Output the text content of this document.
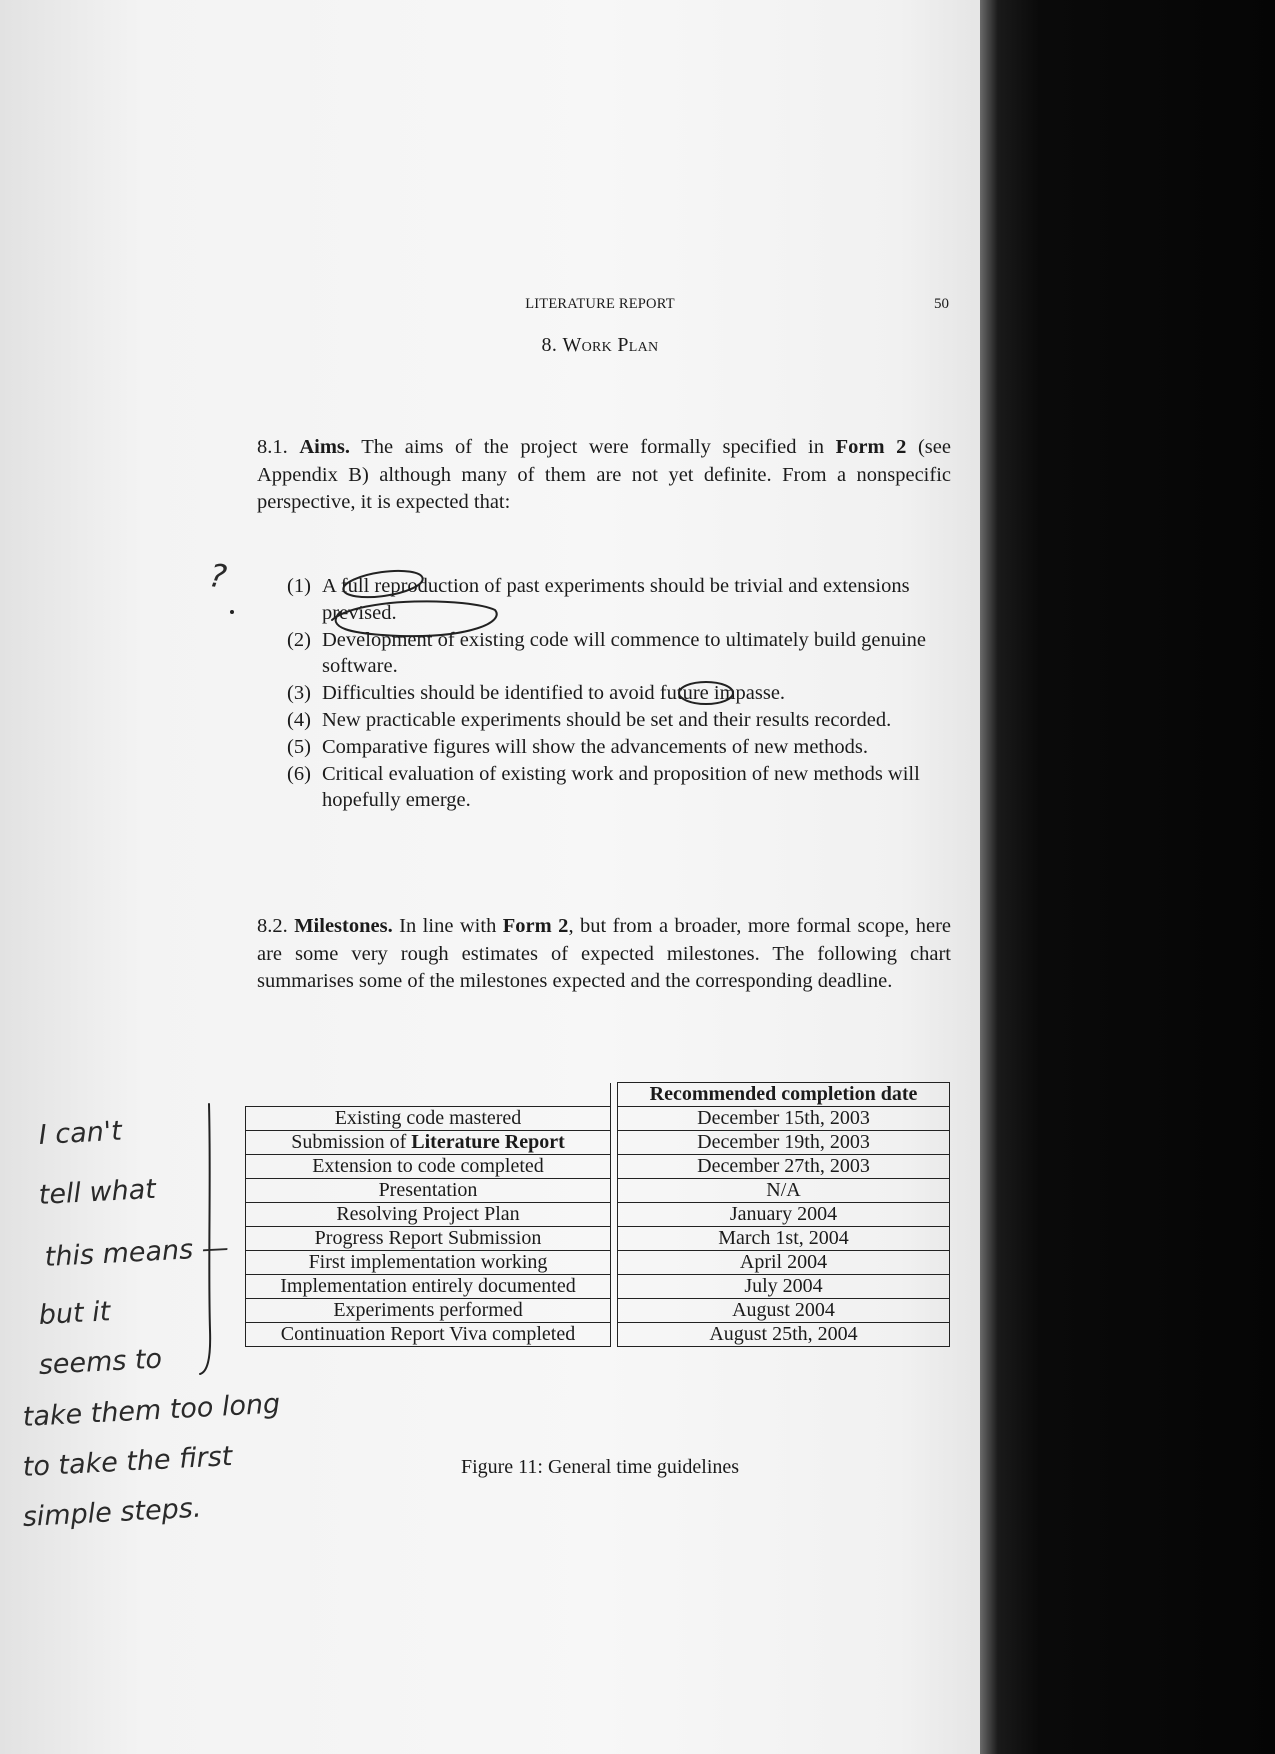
LITERATURE REPORT	50
8. Work Plan
8.1. Aims. The aims of the project were formally specified in Form 2 (see Appendix B) although many of them are not yet definite. From a nonspecific perspective, it is expected that:
(1) A full reproduction of past experiments should be trivial and extensions prevised.
(2) Development of existing code will commence to ultimately build genuine software.
(3) Difficulties should be identified to avoid future impasse.
(4) New practicable experiments should be set and their results recorded.
(5) Comparative figures will show the advancements of new methods.
(6) Critical evaluation of existing work and proposition of new methods will hopefully emerge.
8.2. Milestones. In line with Form 2, but from a broader, more formal scope, here are some very rough estimates of expected milestones. The following chart summarises some of the milestones expected and the corresponding deadline.
		Recommended completion date
Existing code mastered		December 15th, 2003
Submission of Literature Report		December 19th, 2003
Extension to code completed		December 27th, 2003
Presentation		N/A
Resolving Project Plan		January 2004
Progress Report Submission		March 1st, 2004
First implementation working		April 2004
Implementation entirely documented		July 2004
Experiments performed		August 2004
Continuation Report Viva completed		August 25th, 2004
Figure 11: General time guidelines
?
I can't
tell what
this means —
but it
seems to
take them too long
to take the first
simple steps.
